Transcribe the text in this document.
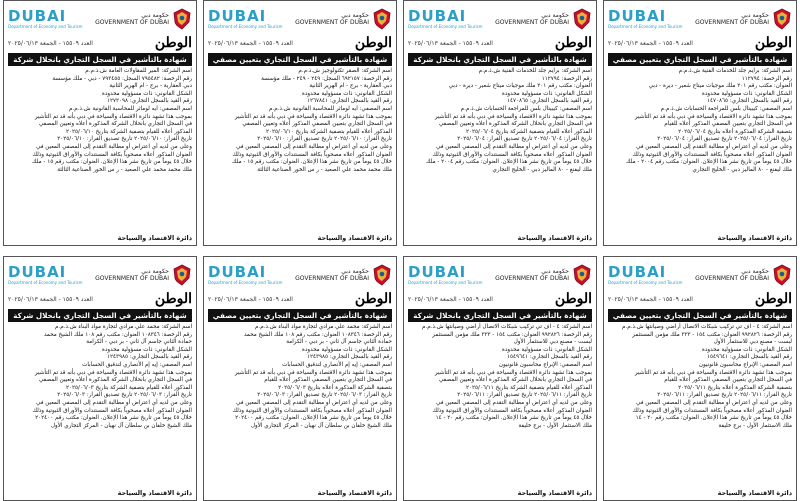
DUBAI
Department of Economy and Tourism
حكومة دبي
GOVERNMENT OF DUBAI
العدد ١٥٥٠٩ - الجمعة ٢٠٢٥/٠٦/١٣	الوطن
شهادة بالتأشير في السجل التجاري بانحلال شركة

اسم الشركة: المير للمقاولات العامة ش.ذ.م.م

رقم الرخصة: ٧٩٥٤٨٢ السجل: ٧٩٣٤٥٥ - دبي - ملك مؤسسة

دبي العقارية - برج - ام الهرير الثانية

الشكل القانوني: ذات مسؤولية محدودة

رقم القيد بالسجل التجاري: ١٢٧٢٠٩٨

اسم المصفي: ايه لوماثر للمحاسبة القانونية ش.ذ.م.م

بموجب هذا تشهد دائرة الاقتصاد والسياحة في دبي بأنه قد تم التأشير

في السجل التجاري بانحلال الشركة المذكورة أعلاه وتعيين المصفي

المذكور أعلاه للقيام بتصفية الشركة بتاريخ ٢٠٢٥/٠٦/١٠

تاريخ القرار: ٢٠٢٥/٠٦/١٠ تاريخ تصديق القرار: ٢٠٢٥/٠٦/١٠

وعلى من لديه أي اعتراض أو مطالبة التقدم إلى المصفي المعين في

العنوان المذكور أعلاه مصحوباً بكافة المستندات والأوراق الثبوتية وذلك

خلال ٤٥ يوماً من تاريخ نشر هذا الإعلان. العنوان: مكتب رقم ١٥ - ملك

ملك محمد محمد علي الصعيد - ر س الخور الصناعية الثالثة

دائرة الاقتصاد والسياحة
DUBAI
Department of Economy and Tourism
حكومة دبي
GOVERNMENT OF DUBAI
العدد ١٥٥٠٩ - الجمعة ٢٠٢٥/٠٦/١٣	الوطن
شهادة بالتأشير في السجل التجاري بتعيين مصفي

اسم الشركة: الصقر تكنولوجيز ش.ذ.م.م

رقم الرخصة: ٦٩٢١٥٧ السجل: ٢٤٩ - ٢٤٩ - ملك مؤسسة

دبي العقارية - برج - ام الهرير الثانية

الشكل القانوني: ذات مسؤولية محدودة

رقم القيد بالسجل التجاري: ١٢٦٧٨٤١

اسم المصفي: ايه لوماثر للمحاسبة القانونية ش.ذ.م.م

بموجب هذا تشهد دائرة الاقتصاد والسياحة في دبي بأنه قد تم التأشير

في السجل التجاري بتعيين المصفي المذكور أعلاه وتعيين المصفي

المذكور أعلاه للقيام بتصفية الشركة بتاريخ ٢٠٢٥/٠٦/١٠

تاريخ القرار: ٢٠٢٥/٠٦/١٠ تاريخ تصديق القرار: ٢٠٢٥/٠٦/١٠

وعلى من لديه أي اعتراض أو مطالبة التقدم إلى المصفي المعين في

العنوان المذكور أعلاه مصحوباً بكافة المستندات والأوراق الثبوتية وذلك

خلال ٤٥ يوماً من تاريخ نشر هذا الإعلان. العنوان: مكتب رقم ١٥ - ملك

ملك محمد محمد علي الصعيد - ر س الخور الصناعية الثالثة

دائرة الاقتصاد والسياحة
DUBAI
Department of Economy and Tourism
حكومة دبي
GOVERNMENT OF DUBAI
العدد ١٥٥٠٩ - الجمعة ٢٠٢٥/٠٦/١٣	الوطن
شهادة بالتأشير في السجل التجاري بانحلال شركة

اسم الشركة: برايم جلد للخدمات الفنية ش.ذ.م.م

رقم الرخصة: ١١٢٧٩٤

العنوان: مكتب رقم ٢٠١ ملك موجيات ميتاج شعير - ديرة - دبي

الشكل القانوني: ذات مسؤولية محدودة

رقم القيد بالسجل التجاري: ١٤٧٠٨٦٥

اسم المصفي: كيبيتال بلس للمراجعة الحسابات ش.ذ.م.م

بموجب هذا تشهد دائرة الاقتصاد والسياحة في دبي بأنه قد تم التأشير

في السجل التجاري بانحلال الشركة المذكورة أعلاه وتعيين المصفي

المذكور أعلاه للقيام بتصفية الشركة بتاريخ ٢٠٢٥/٠٦/٠٤

تاريخ القرار: ٢٠٢٥/٠٦/٠٤ تاريخ تصديق القرار: ٢٠٢٥/٠٦/٠٤

وعلى من لديه أي اعتراض أو مطالبة التقدم إلى المصفي المعين في

العنوان المذكور أعلاه مصحوباً بكافة المستندات والأوراق الثبوتية وذلك

خلال ٤٥ يوماً من تاريخ نشر هذا الإعلان. العنوان: مكتب رقم ٢٠٠٤ - ملك

ملك ليفنغ - ٨٠ الماليز دبي - الخليج التجاري

دائرة الاقتصاد والسياحة
DUBAI
Department of Economy and Tourism
حكومة دبي
GOVERNMENT OF DUBAI
العدد ١٥٥٠٩ - الجمعة ٢٠٢٥/٠٦/١٣	الوطن
شهادة بالتأشير في السجل التجاري بتعيين مصفي

اسم الشركة: برايم جلد للخدمات الفنية ش.ذ.م.م

رقم الرخصة: ١١٢٧٩٤

العنوان: مكتب رقم ٢٠١ ملك موجيات ميتاج شعير - ديرة - دبي

الشكل القانوني: ذات مسؤولية محدودة

رقم القيد بالسجل التجاري: ١٤٧٠٨٦٥

اسم المصفي: كيبيتال بلس للمراجعة الحسابات ش.ذ.م.م

بموجب هذا تشهد دائرة الاقتصاد والسياحة في دبي بأنه قد تم التأشير

في السجل التجاري بتعيين المصفي المذكور أعلاه للقيام

بتصفية الشركة المذكورة أعلاه بتاريخ ٢٠٢٥/٠٦/٠٤

تاريخ القرار: ٢٠٢٥/٠٦/٠٤ تاريخ تصديق القرار: ٢٠٢٥/٠٦/٠٤

وعلى من لديه أي اعتراض أو مطالبة التقدم إلى المصفي المعين في

العنوان المذكور أعلاه مصحوباً بكافة المستندات والأوراق الثبوتية وذلك

خلال ٤٥ يوماً من تاريخ نشر هذا الإعلان. العنوان: مكتب رقم ٢٠٠٤ - ملك

ملك ليفنغ - ٨٠ الماليز دبي - الخليج التجاري

دائرة الاقتصاد والسياحة
DUBAI
Department of Economy and Tourism
حكومة دبي
GOVERNMENT OF DUBAI
العدد ١٥٥٠٩ - الجمعة ٢٠٢٥/٠٦/١٣	الوطن
شهادة بالتأشير في السجل التجاري بانحلال شركة

اسم الشركة: محمد علي مرادي لتجارة مواد البناء ش.ذ.م.م

رقم الرخصة: ١٠٨٣٤٦ العنوان: مكتب رقم ١٠٨ ملك الشيخ محمد

حمادة الثاني جاسم آل ثاني - بر دبي - الكرامة

الشكل القانوني: ذات مسؤولية محدودة

رقم القيد بالسجل التجاري: ١٢٤٣٩٨٥

اسم المصفي: إيه إم الأنصاري لتدقيق الحسابات

بموجب هذا تشهد دائرة الاقتصاد والسياحة في دبي بأنه قد تم التأشير

في السجل التجاري بانحلال الشركة المذكورة أعلاه وتعيين المصفي

المذكور أعلاه للقيام بتصفية الشركة بتاريخ ٢٠٢٥/٠٦/٠٣

تاريخ القرار: ٢٠٢٥/٠٦/٠٣ تاريخ تصديق القرار: ٢٠٢٥/٠٦/٠٣

وعلى من لديه أي اعتراض أو مطالبة التقدم إلى المصفي المعين في

العنوان المذكور أعلاه مصحوباً بكافة المستندات والأوراق الثبوتية وذلك

خلال ٤٥ يوماً من تاريخ نشر هذا الإعلان. العنوان: مكتب رقم ٢٠٢٤٠٠

ملك الشيخ خلفان بن سلطان آل نهيان - المركز التجاري الأول

دائرة الاقتصاد والسياحة
DUBAI
Department of Economy and Tourism
حكومة دبي
GOVERNMENT OF DUBAI
العدد ١٥٥٠٩ - الجمعة ٢٠٢٥/٠٦/١٣	الوطن
شهادة بالتأشير في السجل التجاري بتعيين مصفي

اسم الشركة: محمد علي مرادي لتجارة مواد البناء ش.ذ.م.م

رقم الرخصة: ١٠٨٣٤٦ العنوان: مكتب رقم ١٠٨ ملك الشيخ محمد

حمادة الثاني جاسم آل ثاني - بر دبي - الكرامة

الشكل القانوني: ذات مسؤولية محدودة

رقم القيد بالسجل التجاري: ١٢٤٣٩٨٥

اسم المصفي: إيه إم الأنصاري لتدقيق الحسابات

بموجب هذا تشهد دائرة الاقتصاد والسياحة في دبي بأنه قد تم التأشير

في السجل التجاري بتعيين المصفي المذكور أعلاه للقيام

بتصفية الشركة المذكورة أعلاه بتاريخ ٢٠٢٥/٠٦/٠٣

تاريخ القرار: ٢٠٢٥/٠٦/٠٣ تاريخ تصديق القرار: ٢٠٢٥/٠٦/٠٣

وعلى من لديه أي اعتراض أو مطالبة التقدم إلى المصفي المعين في

العنوان المذكور أعلاه مصحوباً بكافة المستندات والأوراق الثبوتية وذلك

خلال ٤٥ يوماً من تاريخ نشر هذا الإعلان. العنوان: مكتب رقم ٢٠٢٤٠٠

ملك الشيخ خلفان بن سلطان آل نهيان - المركز التجاري الأول

دائرة الاقتصاد والسياحة
DUBAI
Department of Economy and Tourism
حكومة دبي
GOVERNMENT OF DUBAI
العدد ١٥٥٠٩ - الجمعة ٢٠٢٥/٠٦/١٣	الوطن
شهادة بالتأشير في السجل التجاري بانحلال شركة

اسم الشركة: ٤ - اف تي تركيب شبكات الاتصال أراضي وصيانتها ش.ذ.م.م

رقم الرخصة: ٩٩٢٨٢٦ العنوان: مكتب ١٥٤ - ٣٣٣ ملك مؤمن المستثمر

لبست - مصنع دبي للاستثمار الأول

الشكل القانوني: ذات مسؤولية محدودة

رقم القيد بالسجل التجاري: ١٥٤٩٦٤١

اسم المصفي: الإبراج محاسبون قانونيون

بموجب هذا تشهد دائرة الاقتصاد والسياحة في دبي بأنه قد تم التأشير

في السجل التجاري بانحلال الشركة المذكورة أعلاه وتعيين المصفي

المذكور أعلاه للقيام بتصفية الشركة بتاريخ ٢٠٢٥/٠٦/١١

تاريخ القرار: ٢٠٢٥/٠٦/١١ تاريخ تصديق القرار: ٢٠٢٥/٠٦/١١

وعلى من لديه أي اعتراض أو مطالبة التقدم إلى المصفي المعين في

العنوان المذكور أعلاه مصحوباً بكافة المستندات والأوراق الثبوتية وذلك

خلال ٤٥ يوماً من تاريخ نشر هذا الإعلان. العنوان: مكتب رقم ٢٠ - ١٤

ملك الاستثمار الأول - برج خليفة

دائرة الاقتصاد والسياحة
DUBAI
Department of Economy and Tourism
حكومة دبي
GOVERNMENT OF DUBAI
العدد ١٥٥٠٩ - الجمعة ٢٠٢٥/٠٦/١٣	الوطن
شهادة بالتأشير في السجل التجاري بتعيين مصفي

اسم الشركة: ٤ - اف تي تركيب شبكات الاتصال أراضي وصيانتها ش.ذ.م.م

رقم الرخصة: ٩٩٢٨٢٦ العنوان: مكتب ١٥٤ - ٣٣٣ ملك مؤمن المستثمر

لبست - مصنع دبي للاستثمار الأول

الشكل القانوني: ذات مسؤولية محدودة

رقم القيد بالسجل التجاري: ١٥٤٩٦٤١

اسم المصفي: الإبراج محاسبون قانونيون

بموجب هذا تشهد دائرة الاقتصاد والسياحة في دبي بأنه قد تم التأشير

في السجل التجاري بتعيين المصفي المذكور أعلاه للقيام

بتصفية الشركة المذكورة أعلاه بتاريخ ٢٠٢٥/٠٦/١١

تاريخ القرار: ٢٠٢٥/٠٦/١١ تاريخ تصديق القرار: ٢٠٢٥/٠٦/١١

وعلى من لديه أي اعتراض أو مطالبة التقدم إلى المصفي المعين في

العنوان المذكور أعلاه مصحوباً بكافة المستندات والأوراق الثبوتية وذلك

خلال ٤٥ يوماً من تاريخ نشر هذا الإعلان. العنوان: مكتب رقم ٢٠ - ١٤

ملك الاستثمار الأول - برج خليفة

دائرة الاقتصاد والسياحة
